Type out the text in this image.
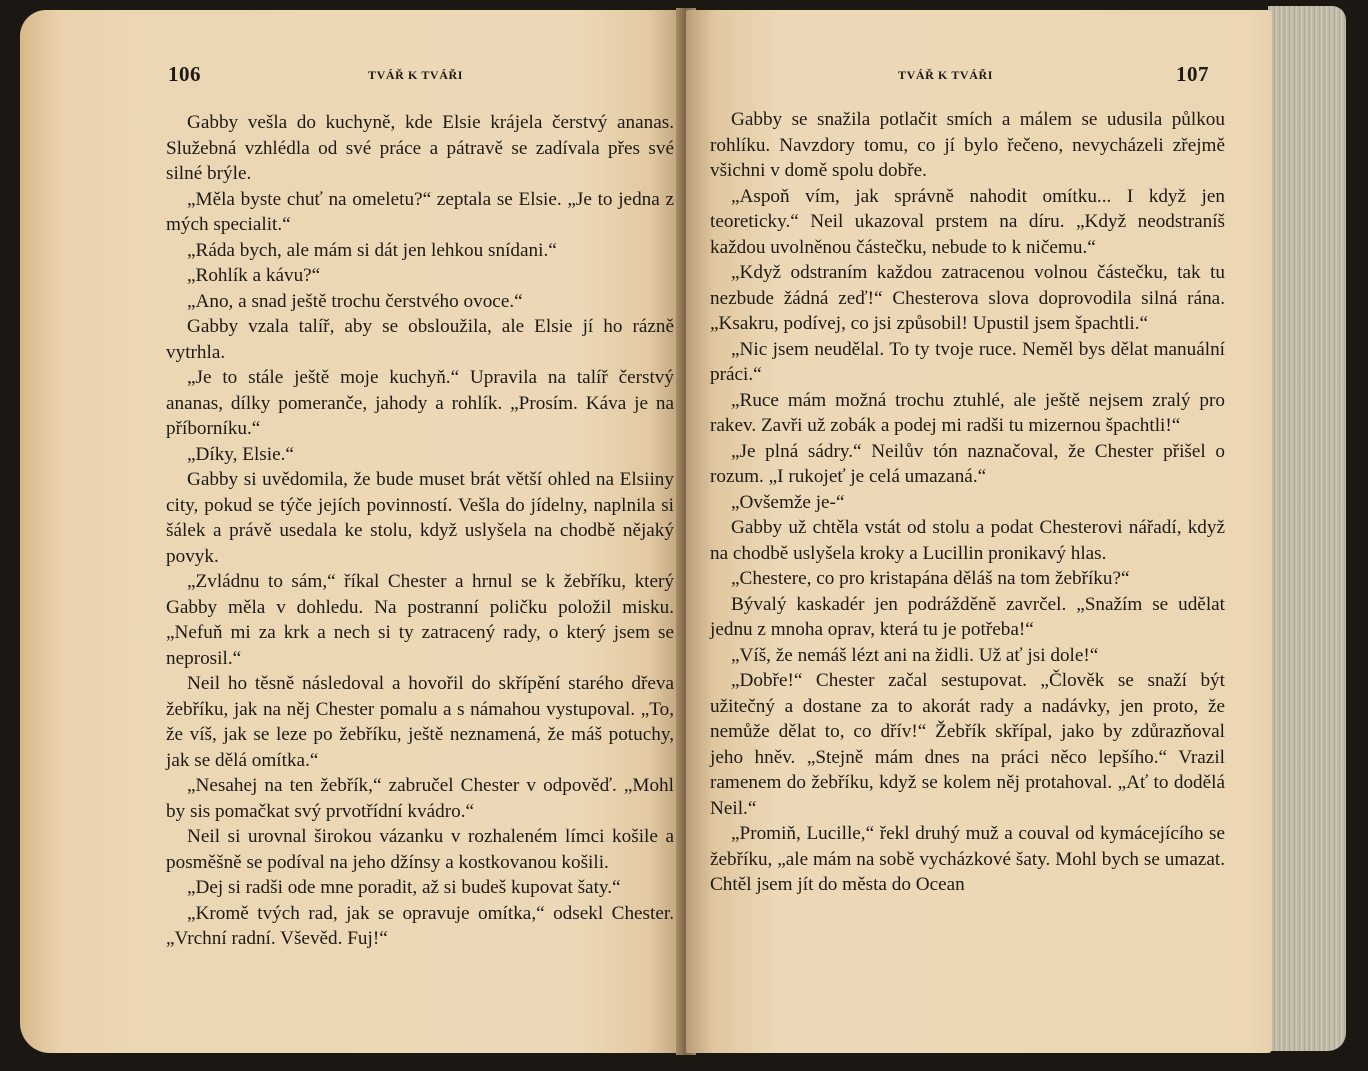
106	TVÁŘ K TVÁŘI

Gabby vešla do kuchyně, kde Elsie krájela čerstvý ananas. Služebná vzhlédla od své práce a pátravě se zadívala přes své silné brýle.

„Měla byste chuť na omeletu?“ zeptala se Elsie. „Je to jedna z mých specialit.“

„Ráda bych, ale mám si dát jen lehkou snídani.“

„Rohlík a kávu?“

„Ano, a snad ještě trochu čerstvého ovoce.“

Gabby vzala talíř, aby se obsloužila, ale Elsie jí ho rázně vytrhla.

„Je to stále ještě moje kuchyň.“ Upravila na talíř čerstvý ananas, dílky pomeranče, jahody a rohlík. „Prosím. Káva je na příborníku.“

„Díky, Elsie.“

Gabby si uvědomila, že bude muset brát větší ohled na Elsiiny city, pokud se týče jejích povinností. Vešla do jídelny, naplnila si šálek a právě usedala ke stolu, když uslyšela na chodbě nějaký povyk.

„Zvládnu to sám,“ říkal Chester a hrnul se k žebříku, který Gabby měla v dohledu. Na postranní poličku položil misku. „Nefuň mi za krk a nech si ty zatracený rady, o který jsem se neprosil.“

Neil ho těsně následoval a hovořil do skřípění starého dřeva žebříku, jak na něj Chester pomalu a s námahou vystupoval. „To, že víš, jak se leze po žebříku, ještě neznamená, že máš potuchy, jak se dělá omítka.“

„Nesahej na ten žebřík,“ zabručel Chester v odpověď. „Mohl by sis pomačkat svý prvotřídní kvádro.“

Neil si urovnal širokou vázanku v rozhaleném límci košile a posměšně se podíval na jeho džínsy a kostkovanou košili.

„Dej si radši ode mne poradit, až si budeš kupovat šaty.“

„Kromě tvých rad, jak se opravuje omítka,“ odsekl Chester. „Vrchní radní. Vševěd. Fuj!“

TVÁŘ K TVÁŘI	107

Gabby se snažila potlačit smích a málem se udusila půlkou rohlíku. Navzdory tomu, co jí bylo řečeno, nevycházeli zřejmě všichni v domě spolu dobře.

„Aspoň vím, jak správně nahodit omítku... I když jen teoreticky.“ Neil ukazoval prstem na díru. „Když neodstraníš každou uvolněnou částečku, nebude to k ničemu.“

„Když odstraním každou zatracenou volnou částečku, tak tu nezbude žádná zeď!“ Chesterova slova doprovodila silná rána. „Ksakru, podívej, co jsi způsobil! Upustil jsem špachtli.“

„Nic jsem neudělal. To ty tvoje ruce. Neměl bys dělat manuální práci.“

„Ruce mám možná trochu ztuhlé, ale ještě nejsem zralý pro rakev. Zavři už zobák a podej mi radši tu mizernou špachtli!“

„Je plná sádry.“ Neilův tón naznačoval, že Chester přišel o rozum. „I rukojeť je celá umazaná.“

„Ovšemže je-“

Gabby už chtěla vstát od stolu a podat Chesterovi nářadí, když na chodbě uslyšela kroky a Lucillin pronikavý hlas.

„Chestere, co pro kristapána děláš na tom žebříku?“

Bývalý kaskadér jen podrážděně zavrčel. „Snažím se udělat jednu z mnoha oprav, která tu je potřeba!“

„Víš, že nemáš lézt ani na židli. Už ať jsi dole!“

„Dobře!“ Chester začal sestupovat. „Člověk se snaží být užitečný a dostane za to akorát rady a nadávky, jen proto, že nemůže dělat to, co dřív!“ Žebřík skřípal, jako by zdůrazňoval jeho hněv. „Stejně mám dnes na práci něco lepšího.“ Vrazil ramenem do žebříku, když se kolem něj protahoval. „Ať to dodělá Neil.“

„Promiň, Lucille,“ řekl druhý muž a couval od kymácejícího se žebříku, „ale mám na sobě vycházkové šaty. Mohl bych se umazat. Chtěl jsem jít do města do Ocean
